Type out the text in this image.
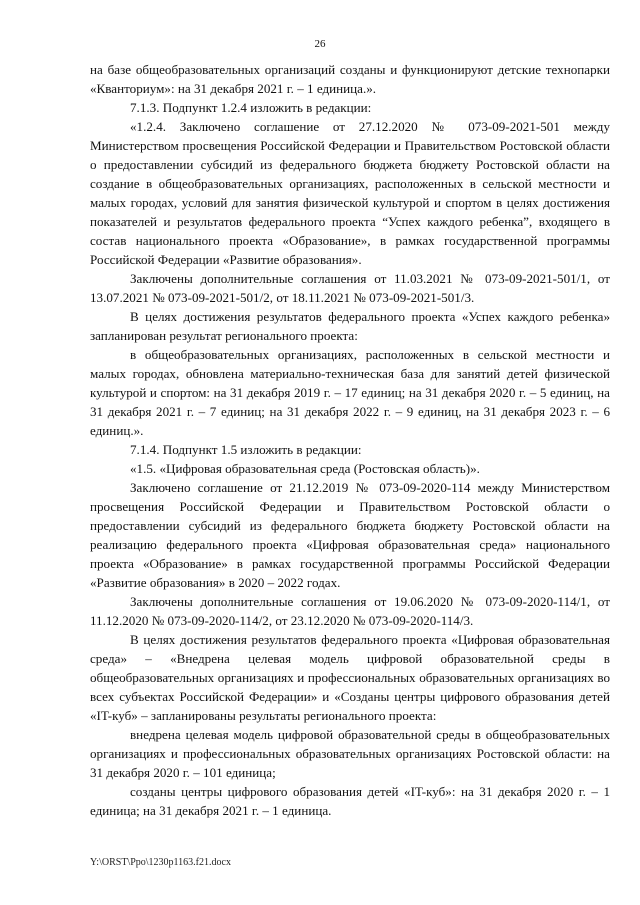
26

на базе общеобразовательных организаций созданы и функционируют детские технопарки «Кванториум»: на 31 декабря 2021 г. – 1 единица.».

7.1.3. Подпункт 1.2.4 изложить в редакции:

«1.2.4. Заключено соглашение от 27.12.2020 № 073-09-2021-501 между Министерством просвещения Российской Федерации и Правительством Ростовской области о предоставлении субсидий из федерального бюджета бюджету Ростовской области на создание в общеобразовательных организациях, расположенных в сельской местности и малых городах, условий для занятия физической культурой и спортом в целях достижения показателей и результатов федерального проекта “Успех каждого ребенка”, входящего в состав национального проекта «Образование», в рамках государственной программы Российской Федерации «Развитие образования».

Заключены дополнительные соглашения от 11.03.2021 № 073-09-2021-501/1, от 13.07.2021 № 073-09-2021-501/2, от 18.11.2021 № 073-09-2021-501/3.

В целях достижения результатов федерального проекта «Успех каждого ребенка» запланирован результат регионального проекта:

в общеобразовательных организациях, расположенных в сельской местности и малых городах, обновлена материально-техническая база для занятий детей физической культурой и спортом: на 31 декабря 2019 г. – 17 единиц; на 31 декабря 2020 г. – 5 единиц, на 31 декабря 2021 г. – 7 единиц; на 31 декабря 2022 г. – 9 единиц, на 31 декабря 2023 г. – 6 единиц.».

7.1.4. Подпункт 1.5 изложить в редакции:

«1.5. «Цифровая образовательная среда (Ростовская область)».

Заключено соглашение от 21.12.2019 № 073-09-2020-114 между Министерством просвещения Российской Федерации и Правительством Ростовской области о предоставлении субсидий из федерального бюджета бюджету Ростовской области на реализацию федерального проекта «Цифровая образовательная среда» национального проекта «Образование» в рамках государственной программы Российской Федерации «Развитие образования» в 2020 – 2022 годах.

Заключены дополнительные соглашения от 19.06.2020 № 073-09-2020-114/1, от 11.12.2020 № 073-09-2020-114/2, от 23.12.2020 № 073-09-2020-114/3.

В целях достижения результатов федерального проекта «Цифровая образовательная среда» – «Внедрена целевая модель цифровой образовательной среды в общеобразовательных организациях и профессиональных образовательных организациях во всех субъектах Российской Федерации» и «Созданы центры цифрового образования детей «IT-куб» – запланированы результаты регионального проекта:

внедрена целевая модель цифровой образовательной среды в общеобразовательных организациях и профессиональных образовательных организациях Ростовской области: на 31 декабря 2020 г. – 101 единица;

созданы центры цифрового образования детей «IT-куб»: на 31 декабря 2020 г. – 1 единица; на 31 декабря 2021 г. – 1 единица.

Y:\ORST\Ppo\1230p1163.f21.docx
